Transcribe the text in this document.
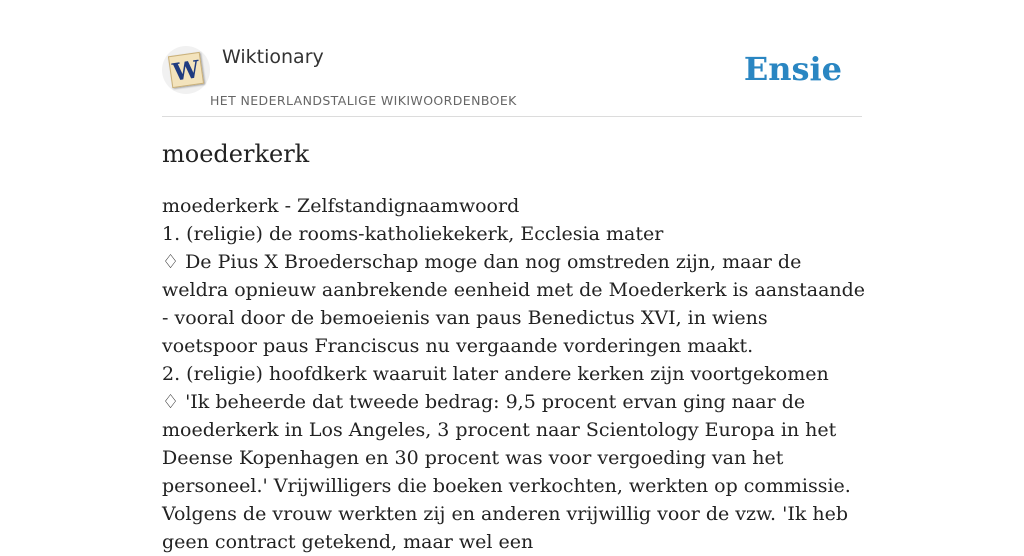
W Wiktionary
HET NEDERLANDSTALIGE WIKIWOORDENBOEK
Ensie
moederkerk

moederkerk - Zelfstandignaamwoord

1. (religie) de rooms-katholiekekerk, Ecclesia mater

♢ De Pius X Broederschap moge dan nog omstreden zijn, maar de weldra opnieuw aanbrekende eenheid met de Moederkerk is aanstaande - vooral door de bemoeienis van paus Benedictus XVI, in wiens voetspoor paus Franciscus nu vergaande vorderingen maakt.

2. (religie) hoofdkerk waaruit later andere kerken zijn voortgekomen

♢ 'Ik beheerde dat tweede bedrag: 9,5 procent ervan ging naar de moederkerk in Los Angeles, 3 procent naar Scientology Europa in het Deense Kopenhagen en 30 procent was voor vergoeding van het personeel.' Vrijwilligers die boeken verkochten, werkten op commissie. Volgens de vrouw werkten zij en anderen vrijwillig voor de vzw. 'Ik heb geen contract getekend, maar wel een
